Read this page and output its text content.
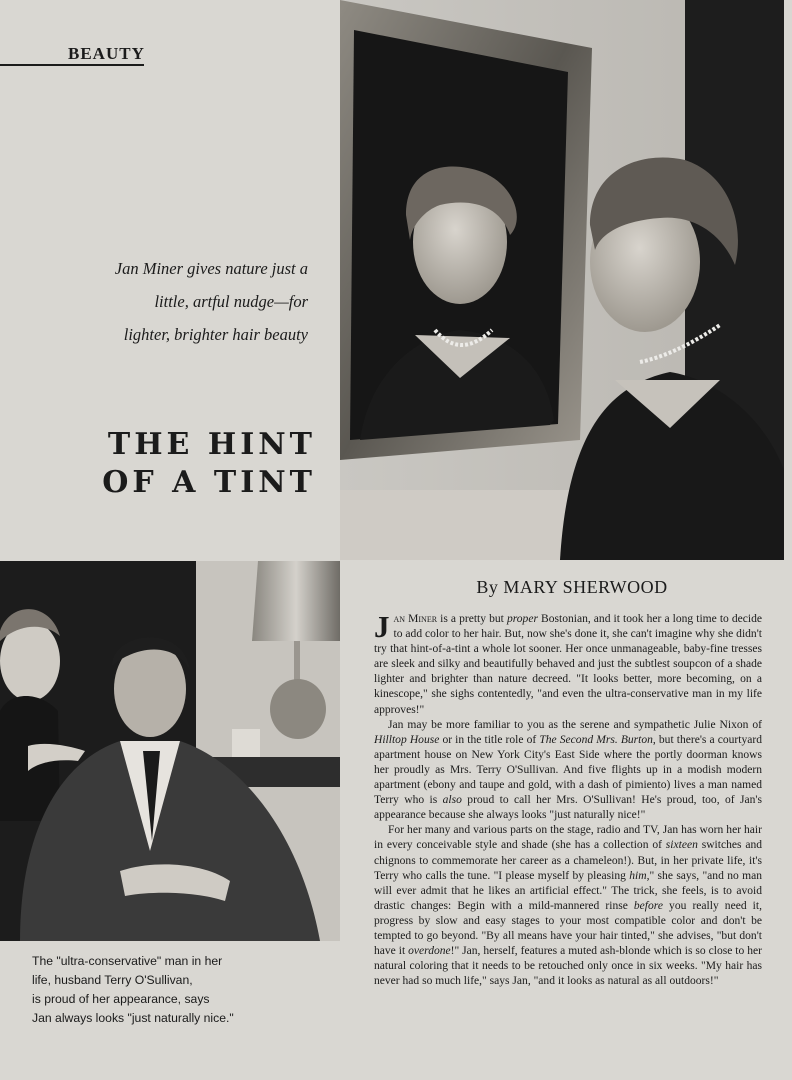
BEAUTY
Jan Miner gives nature just a
little, artful nudge—for
lighter, brighter hair beauty
THE HINT
OF A TINT
The "ultra-conservative" man in her
life, husband Terry O'Sullivan,
is proud of her appearance, says
Jan always looks "just naturally nice."
By MARY SHERWOOD

Jan Miner is a pretty but proper Bostonian, and it took her a long time to decide to add color to her hair. But, now she's done it, she can't imagine why she didn't try that hint-of-a-tint a whole lot sooner. Her once unmanageable, baby-fine tresses are sleek and silky and beautifully behaved and just the subtlest soupcon of a shade lighter and brighter than nature decreed. "It looks better, more becoming, on a kinescope," she sighs contentedly, "and even the ultra-conservative man in my life approves!"

Jan may be more familiar to you as the serene and sympathetic Julie Nixon of Hilltop House or in the title role of The Second Mrs. Burton, but there's a courtyard apartment house on New York City's East Side where the portly doorman knows her proudly as Mrs. Terry O'Sullivan. And five flights up in a modish modern apartment (ebony and taupe and gold, with a dash of pimiento) lives a man named Terry who is also proud to call her Mrs. O'Sullivan! He's proud, too, of Jan's appearance because she always looks "just naturally nice!"

For her many and various parts on the stage, radio and TV, Jan has worn her hair in every conceivable style and shade (she has a collection of sixteen switches and chignons to commemorate her career as a chameleon!). But, in her private life, it's Terry who calls the tune. "I please myself by pleasing him," she says, "and no man will ever admit that he likes an artificial effect." The trick, she feels, is to avoid drastic changes: Begin with a mild-mannered rinse before you really need it, progress by slow and easy stages to your most compatible color and don't be tempted to go beyond. "By all means have your hair tinted," she advises, "but don't have it overdone!" Jan, herself, features a muted ash-blonde which is so close to her natural coloring that it needs to be retouched only once in six weeks. "My hair has never had so much life," says Jan, "and it looks as natural as all outdoors!"
